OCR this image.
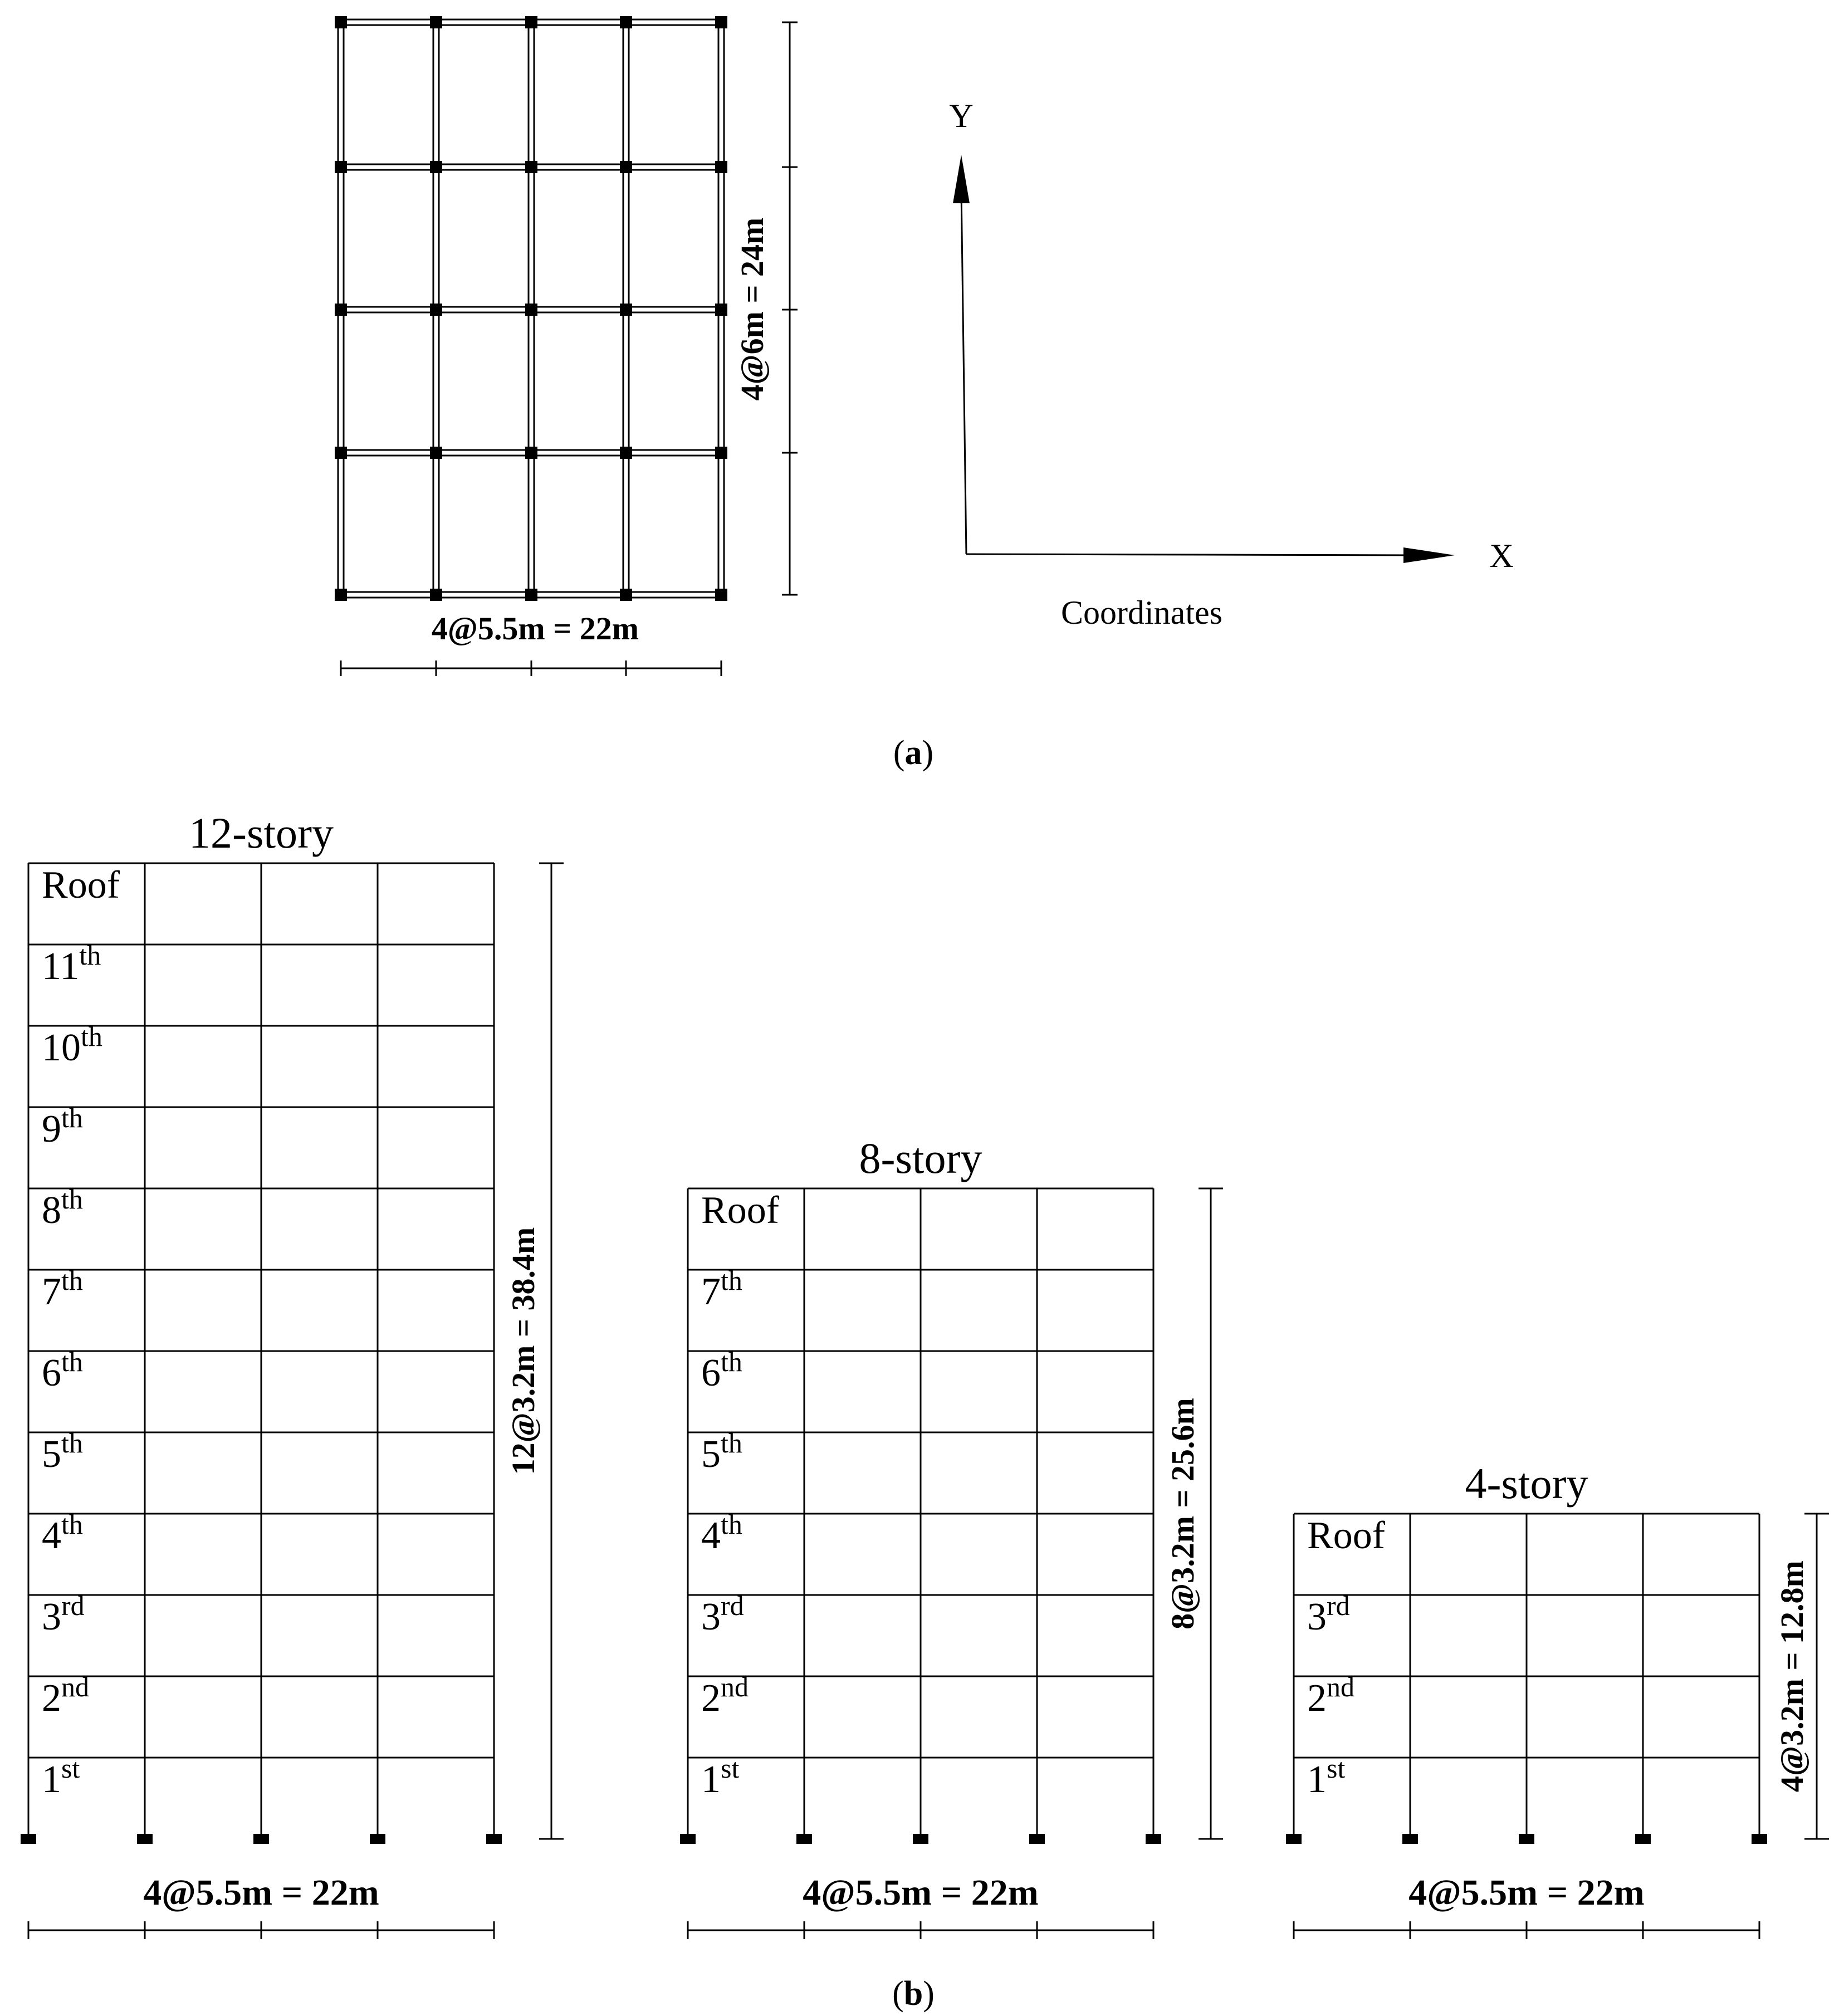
4@5.5m = 22m
4@6m = 24m
Y
X
Coordinates
(a)
Roof
11th
10th
9th
8th
7th
6th
5th
4th
3rd
2nd
1st
12-story
12@3.2m = 38.4m
4@5.5m = 22m
Roof
7th
6th
5th
4th
3rd
2nd
1st
8-story
8@3.2m = 25.6m
4@5.5m = 22m
Roof
3rd
2nd
1st
4-story
4@3.2m = 12.8m
4@5.5m = 22m
(b)
